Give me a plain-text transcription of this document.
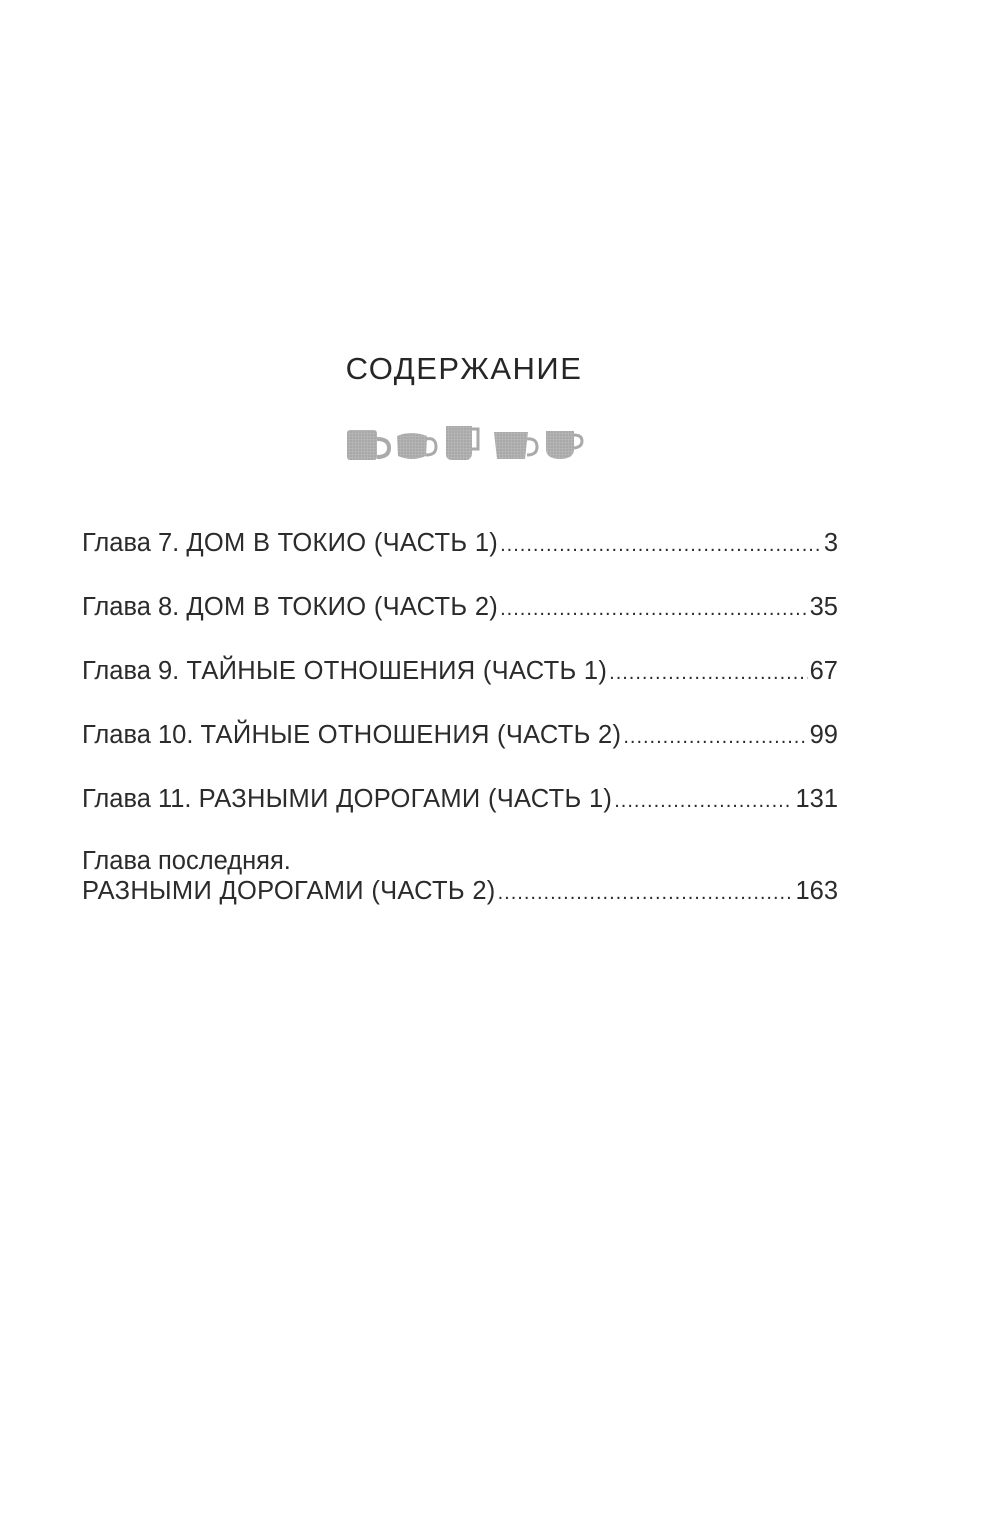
СОДЕРЖАНИЕ
Глава 7.
ДОМ В ТОКИО (ЧАСТЬ 1) .....	3
Глава 8.
ДОМ В ТОКИО (ЧАСТЬ 2) .....	35
Глава 9.
ТАЙНЫЕ ОТНОШЕНИЯ (ЧАСТЬ 1) .....	67
Глава 10.
ТАЙНЫЕ ОТНОШЕНИЯ (ЧАСТЬ 2) .....	99
Глава 11.
РАЗНЫМИ ДОРОГАМИ (ЧАСТЬ 1) .....	131
Глава последняя.
РАЗНЫМИ ДОРОГАМИ (ЧАСТЬ 2) .....	163
